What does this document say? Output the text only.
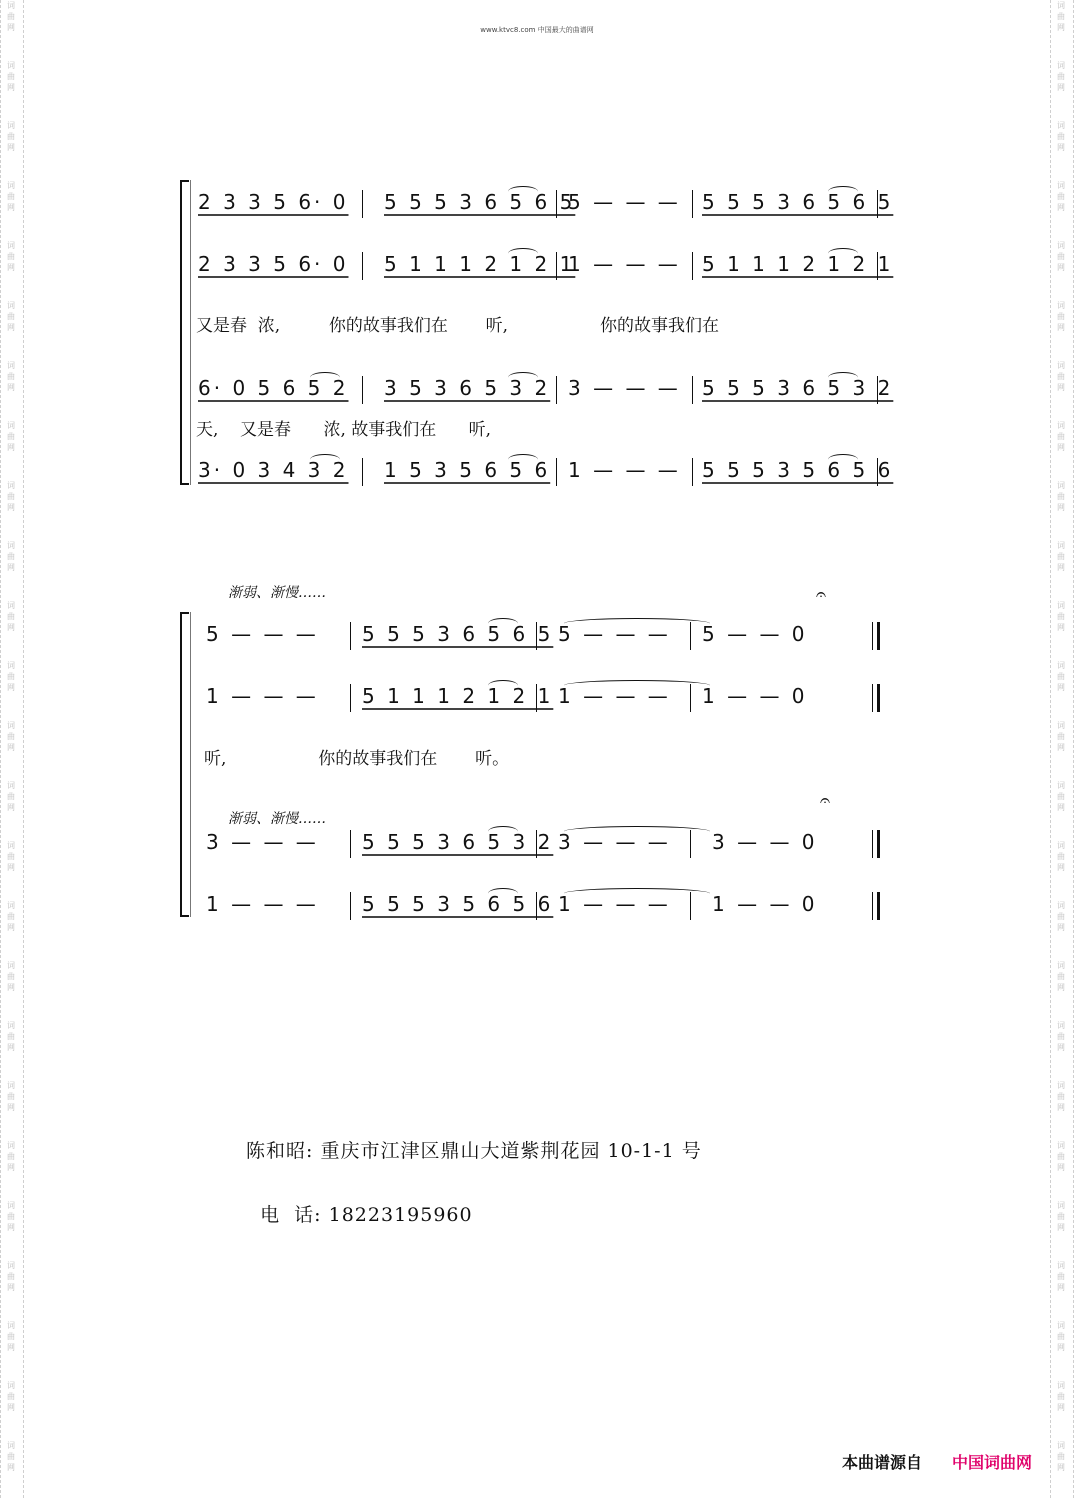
词
曲
网
词
曲
网
词
曲
网
词
曲
网
词
曲
网
词
曲
网
词
曲
网
词
曲
网
词
曲
网
词
曲
网
词
曲
网
词
曲
网
词
曲
网
词
曲
网
词
曲
网
词
曲
网
词
曲
网
词
曲
网
词
曲
网
词
曲
网
词
曲
网
词
曲
网
词
曲
网
词
曲
网
词
曲
网
词
曲
网
词
曲
网
词
曲
网
词
曲
网
词
曲
网
词
曲
网
词
曲
网
词
曲
网
词
曲
网
词
曲
网
词
曲
网
词
曲
网
词
曲
网
词
曲
网
词
曲
网
词
曲
网
词
曲
网
词
曲
网
词
曲
网
词
曲
网
词
曲
网
词
曲
网
词
曲
网
词
曲
网
词
曲
网
www.ktvc8.com 中国最大的曲谱网
2 3 3 5 6· 0 5 5 5 3 6 5 6 5
5 — — — 5 5 5 3 6 5 6 5
2 3 3 5 6· 0 5 1 1 1 2 1 2 1
1 — — — 5 1 1 1 2 1 2 1
又是春  浓,         你的故事我们在       听,                 你的故事我们在
6· 0 5 6 5 2 3 5 3 6 5 3 2 3 — — — 5 5 5 3 6 5 3 2
天,    又是春      浓, 故事我们在      听,
3· 0 3 4 3 2 1 5 3 5 6 5 6 1 — — — 5 5 5 3 5 6 5 6
渐弱、渐慢……	𝄐
5 — — — 5 5 5 3 6 5 6 5 5 — — — 5 — — 0
1 — — — 5 1 1 1 2 1 2 1 1 — — — 1 — — 0
听,                 你的故事我们在       听。
3 — — — 5 5 5 3 6 5 3 2 3 — — — 3 — — 0
1 — — — 5 5 5 3 5 6 5 6 1 — — — 1 — — 0
渐弱、渐慢……
𝄐
陈和昭: 重庆市江津区鼎山大道紫荆花园 10-1-1 号

电  话: 18223195960

本曲谱源自 中国词曲网
